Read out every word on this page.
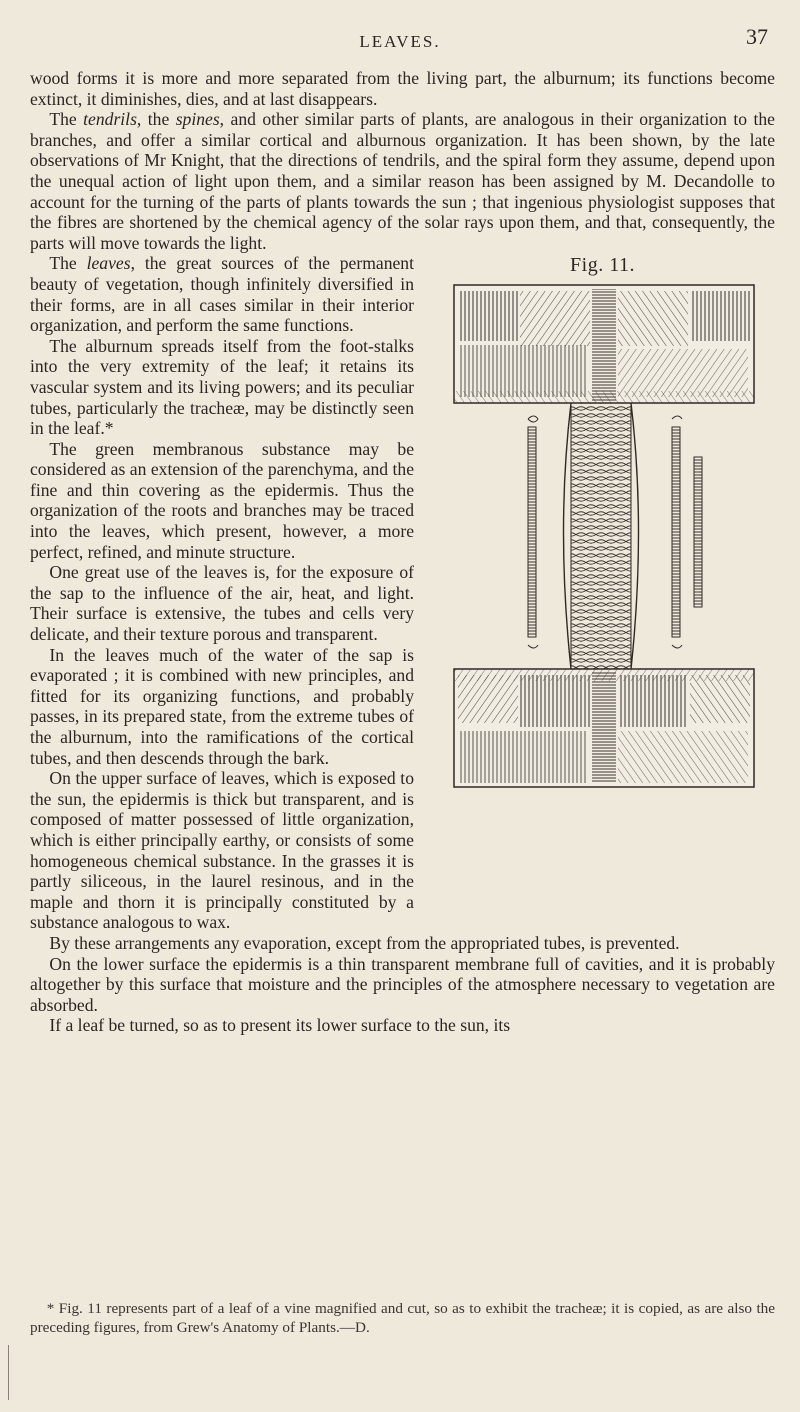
LEAVES.	37

wood forms it is more and more separated from the living part, the alburnum; its functions become extinct, it diminishes, dies, and at last disappears.

The tendrils, the spines, and other similar parts of plants, are analogous in their organization to the branches, and offer a similar cortical and alburnous organization. It has been shown, by the late observations of Mr Knight, that the directions of tendrils, and the spiral form they assume, depend upon the unequal action of light upon them, and a similar reason has been assigned by M. Decandolle to account for the turning of the parts of plants towards the sun ; that ingenious physiologist supposes that the fibres are shortened by the chemical agency of the solar rays upon them, and that, consequently, the parts will move towards the light.

Fig. 11.

The leaves, the great sources of the permanent beauty of vegetation, though infinitely diversified in their forms, are in all cases similar in their interior organization, and perform the same functions.

The alburnum spreads itself from the foot-stalks into the very extremity of the leaf; it retains its vascular system and its living powers; and its peculiar tubes, particularly the tracheæ, may be distinctly seen in the leaf.*

The green membranous substance may be considered as an extension of the parenchyma, and the fine and thin covering as the epidermis. Thus the organization of the roots and branches may be traced into the leaves, which present, however, a more perfect, refined, and minute structure.

One great use of the leaves is, for the exposure of the sap to the influence of the air, heat, and light. Their surface is extensive, the tubes and cells very delicate, and their texture porous and transparent.

In the leaves much of the water of the sap is evaporated ; it is combined with new principles, and fitted for its organizing functions, and probably passes, in its prepared state, from the extreme tubes of the alburnum, into the ramifications of the cortical tubes, and then descends through the bark.

On the upper surface of leaves, which is exposed to the sun, the epidermis is thick but transparent, and is composed of matter possessed of little organization, which is either principally earthy, or consists of some homogeneous chemical substance. In the grasses it is partly siliceous, in the laurel resinous, and in the maple and thorn it is principally constituted by a substance analogous to wax.

By these arrangements any evaporation, except from the appropriated tubes, is prevented.

On the lower surface the epidermis is a thin transparent membrane full of cavities, and it is probably altogether by this surface that moisture and the principles of the atmosphere necessary to vegetation are absorbed.

If a leaf be turned, so as to present its lower surface to the sun, its

* Fig. 11 represents part of a leaf of a vine magnified and cut, so as to exhibit the tracheæ; it is copied, as are also the preceding figures, from Grew's Anatomy of Plants.—D.
